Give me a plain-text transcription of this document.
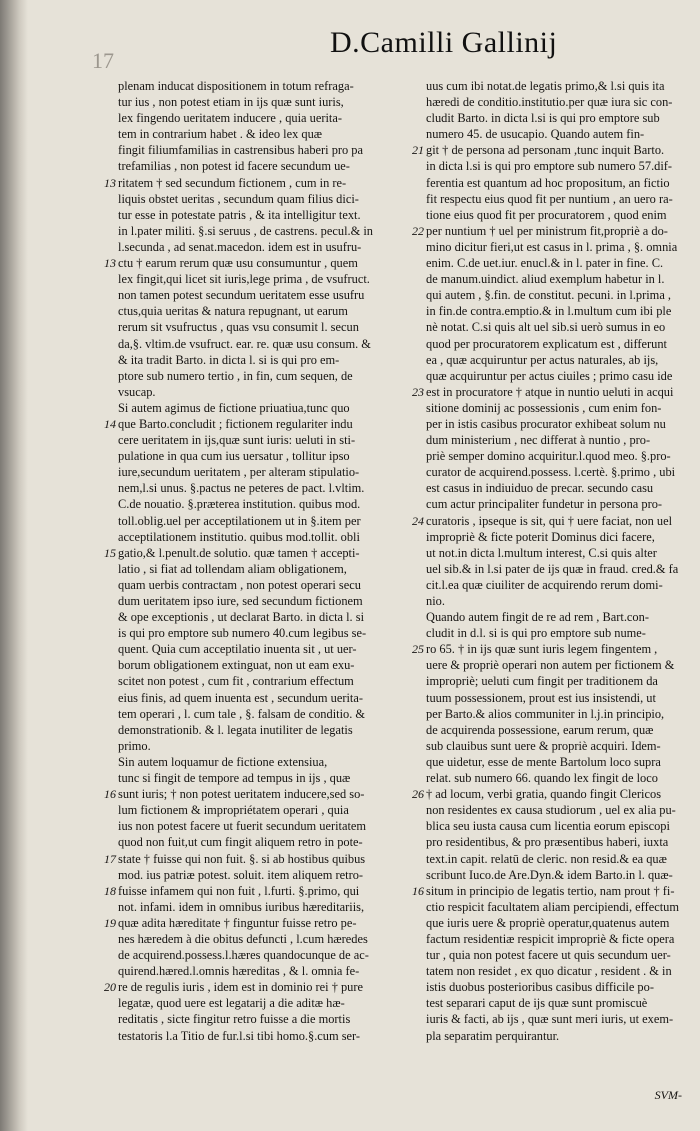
17
D.Camilli Gallinij
plenam inducat dispositionem in totum refraga-
tur ius , non potest etiam in ijs quæ sunt iuris,
lex fingendo ueritatem inducere , quia uerita-
tem in contrarium habet . & ideo lex quæ
fingit filiumfamilias in castrensibus haberi pro pa
trefamilias , non potest id facere secundum ue-
13 ritatem † sed secundum fictionem , cum in re-
liquis obstet ueritas , secundum quam filius dici-
tur esse in potestate patris , & ita intelligitur text.
in l.pater militi. §.si seruus , de castrens. pecul.& in
l.secunda , ad senat.macedon. idem est in usufru-
13 ctu † earum rerum quæ usu consumuntur , quem
lex fingit,qui licet sit iuris,lege prima , de vsufruct.
non tamen potest secundum ueritatem esse usufru
ctus,quia ueritas & natura repugnant, ut earum
rerum sit vsufructus , quas vsu consumit l. secun
da,§. vltim.de vsufruct. ear. re. quæ usu consum. &
& ita tradit Barto. in dicta l. si is qui pro em-
ptore sub numero tertio , in fin, cum sequen, de
vsucap.
Si autem agimus de fictione priuatiua,tunc quo
14 que Barto.concludit ; fictionem regulariter indu
cere ueritatem in ijs,quæ sunt iuris: ueluti in sti-
pulatione in qua cum ius uersatur , tollitur ipso
iure,secundum ueritatem , per alteram stipulatio-
nem,l.si unus. §.pactus ne peteres de pact. l.vltim.
C.de nouatio. §.præterea institution. quibus mod.
toll.oblig.uel per acceptilationem ut in §.item per
acceptilationem institutio. quibus mod.tollit. obli
15 gatio,& l.penult.de solutio. quæ tamen † accepti-
latio , si fiat ad tollendam aliam obligationem,
quam uerbis contractam , non potest operari secu
dum ueritatem ipso iure, sed secundum fictionem
& ope exceptionis , ut declarat Barto. in dicta l. si
is qui pro emptore sub numero 40.cum legibus se-
quent. Quia cum acceptilatio inuenta sit , ut uer-
borum obligationem extinguat, non ut eam exu-
scitet non potest , cum fit , contrarium effectum
eius finis, ad quem inuenta est , secundum uerita-
tem operari , l. cum tale , §. falsam de conditio. &
demonstrationib. & l. legata inutiliter de legatis
primo.
Sin autem loquamur de fictione extensiua,
tunc si fingit de tempore ad tempus in ijs , quæ
16 sunt iuris; † non potest ueritatem inducere,sed so-
lum fictionem & impropriétatem operari , quia
ius non potest facere ut fuerit secundum ueritatem
quod non fuit,ut cum fingit aliquem retro in pote-
17 state † fuisse qui non fuit. §. si ab hostibus quibus
mod. ius patriæ potest. soluit. item aliquem retro-
18 fuisse infamem qui non fuit , l.furti. §.primo, qui
not. infami. idem in omnibus iuribus hæreditariis,
19 quæ adita hæreditate † finguntur fuisse retro pe-
nes hæredem à die obitus defuncti , l.cum hæredes
de acquirend.possess.l.hæres quandocunque de ac-
quirend.hæred.l.omnis hæreditas , & l. omnia fe-
20 re de regulis iuris , idem est in dominio rei † pure
legatæ, quod uere est legatarij a die aditæ hæ-
reditatis , sicte fingitur retro fuisse a die mortis
testatoris l.a Titio de fur.l.si tibi homo.§.cum ser-
uus cum ibi notat.de legatis primo,& l.si quis ita
hæredi de conditio.institutio.per quæ iura sic con-
cludit Barto. in dicta l.si is qui pro emptore sub
numero 45. de usucapio. Quando autem fin-
21 git † de persona ad personam ,tunc inquit Barto.
in dicta l.si is qui pro emptore sub numero 57.dif-
ferentia est quantum ad hoc propositum, an fictio
fit respectu eius quod fit per nuntium , an uero ra-
tione eius quod fit per procuratorem , quod enim
22 per nuntium † uel per ministrum fit,propriè a do-
mino dicitur fieri,ut est casus in l. prima , §. omnia
enim. C.de uet.iur. enucl.& in l. pater in fine. C.
de manum.uindict. aliud exemplum habetur in l.
qui autem , §.fin. de constitut. pecuni. in l.prima ,
in fin.de contra.emptio.& in l.multum cum ibi ple
nè notat. C.si quis alt uel sib.si uerò sumus in eo
quod per procuratorem explicatum est , differunt
ea , quæ acquiruntur per actus naturales, ab ijs,
quæ acquiruntur per actus ciuiles ; primo casu ide
23 est in procuratore † atque in nuntio ueluti in acqui
sitione dominij ac possessionis , cum enim fon-
per in istis casibus procurator exhibeat solum nu
dum ministerium , nec differat à nuntio , pro-
priè semper domino acquiritur.l.quod meo. §.pro-
curator de acquirend.possess. l.certè. §.primo , ubi
est casus in indiuiduo de precar. secundo casu
cum actur principaliter fundetur in persona pro-
24 curatoris , ipseque is sit, qui † uere faciat, non uel
impropriè & ficte poterit Dominus dici facere,
ut not.in dicta l.multum interest, C.si quis alter
uel sib.& in l.si pater de ijs quæ in fraud. cred.& fa
cit.l.ea quæ ciuiliter de acquirendo rerum domi-
nio.
Quando autem fingit de re ad rem , Bart.con-
cludit in d.l. si is qui pro emptore sub nume-
25 ro 65. † in ijs quæ sunt iuris legem fingentem ,
uere & propriè operari non autem per fictionem &
impropriè; ueluti cum fingit per traditionem da
tuum possessionem, prout est ius insistendi, ut
per Barto.& alios communiter in l.j.in principio,
de acquirenda possessione, earum rerum, quæ
sub clauibus sunt uere & propriè acquiri. Idem-
que uidetur, esse de mente Bartolum loco supra
relat. sub numero 66. quando lex fingit de loco
26 † ad locum, verbi gratia, quando fingit Clericos
non residentes ex causa studiorum , uel ex alia pu-
blica seu iusta causa cum licentia eorum episcopi
pro residentibus, & pro præsentibus haberi, iuxta
text.in capit. relatū de cleric. non resid.& ea quæ
scribunt Iuco.de Are.Dyn.& idem Barto.in l. quæ-
16 situm in principio de legatis tertio, nam prout † fi-
ctio respicit facultatem aliam percipiendi, effectum
que iuris uere & propriè operatur,quatenus autem
factum residentiæ respicit impropriè & ficte opera
tur , quia non potest facere ut quis secundum uer-
tatem non residet , ex quo dicatur , resident . & in
istis duobus posterioribus casibus difficile po-
test separari caput de ijs quæ sunt promiscuè
iuris & facti, ab ijs , quæ sunt meri iuris, ut exem-
pla separatim perquirantur.
SVM-
